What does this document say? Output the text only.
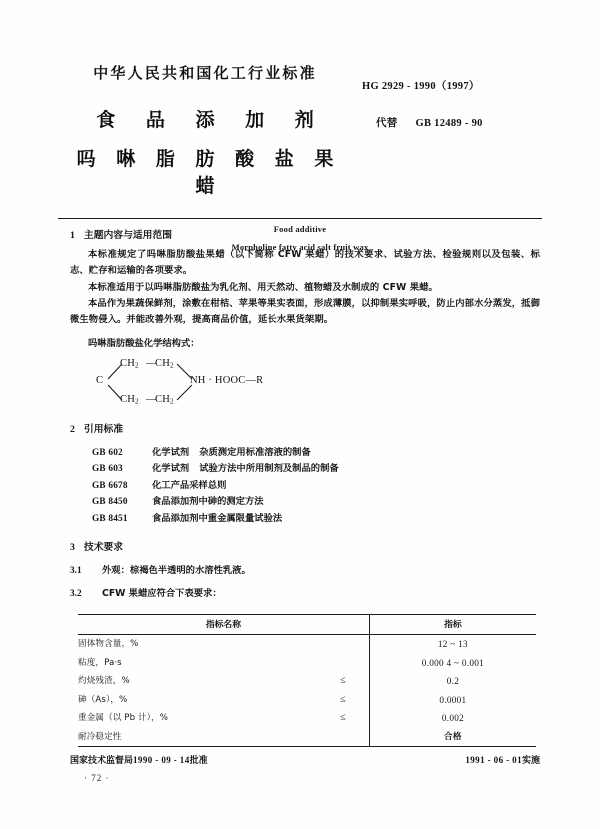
中华人民共和国化工行业标准
食 品 添 加 剂
吗 啉 脂 肪 酸 盐 果 蜡
HG 2929 - 1990（1997）
代替 GB 12489 - 90
Food additive
Morpholine fatty acid salt fruit wax
1 主题内容与适用范围

本标准规定了吗啉脂肪酸盐果蜡（以下简称 CFW 果蜡）的技术要求、试验方法、检验规则以及包装、标志、贮存和运输的各项要求。

本标准适用于以吗啉脂肪酸盐为乳化剂、用天然动、植物蜡及水制成的 CFW 果蜡。

本品作为果蔬保鲜剂，涂敷在柑桔、苹果等果实表面，形成薄膜，以抑制果实呼吸，防止内部水分蒸发，抵御微生物侵入。并能改善外观，提高商品价值，延长水果货架期。

吗啉脂肪酸盐化学结构式：
$CH_2$ —
$CH_2$
C
$CH_2$ —
$CH_2$
NH · HOOC—R
2 引用标准
GB 602	化学试剂 杂质测定用标准溶液的制备
GB 603	化学试剂 试验方法中所用制剂及制品的制备
GB 6678	化工产品采样总则
GB 8450	食品添加剂中砷的测定方法
GB 8451	食品添加剂中重金属限量试验法
3 技术要求
3.1	外观：棕褐色半透明的水溶性乳液。
3.2	CFW 果蜡应符合下表要求：
指标名称		指标
固体物含量，%		12 ~ 13
粘度，Pa·s		0.000 4 ~ 0.001
灼烧残渣，%	≤	0.2
砷（As），%	≤	0.0001
重金属（以 Pb 计），%	≤	0.002
耐冷稳定性		合格
国家技术监督局1990 - 09 - 14批准	1991 - 06 - 01实施
· 72 ·
